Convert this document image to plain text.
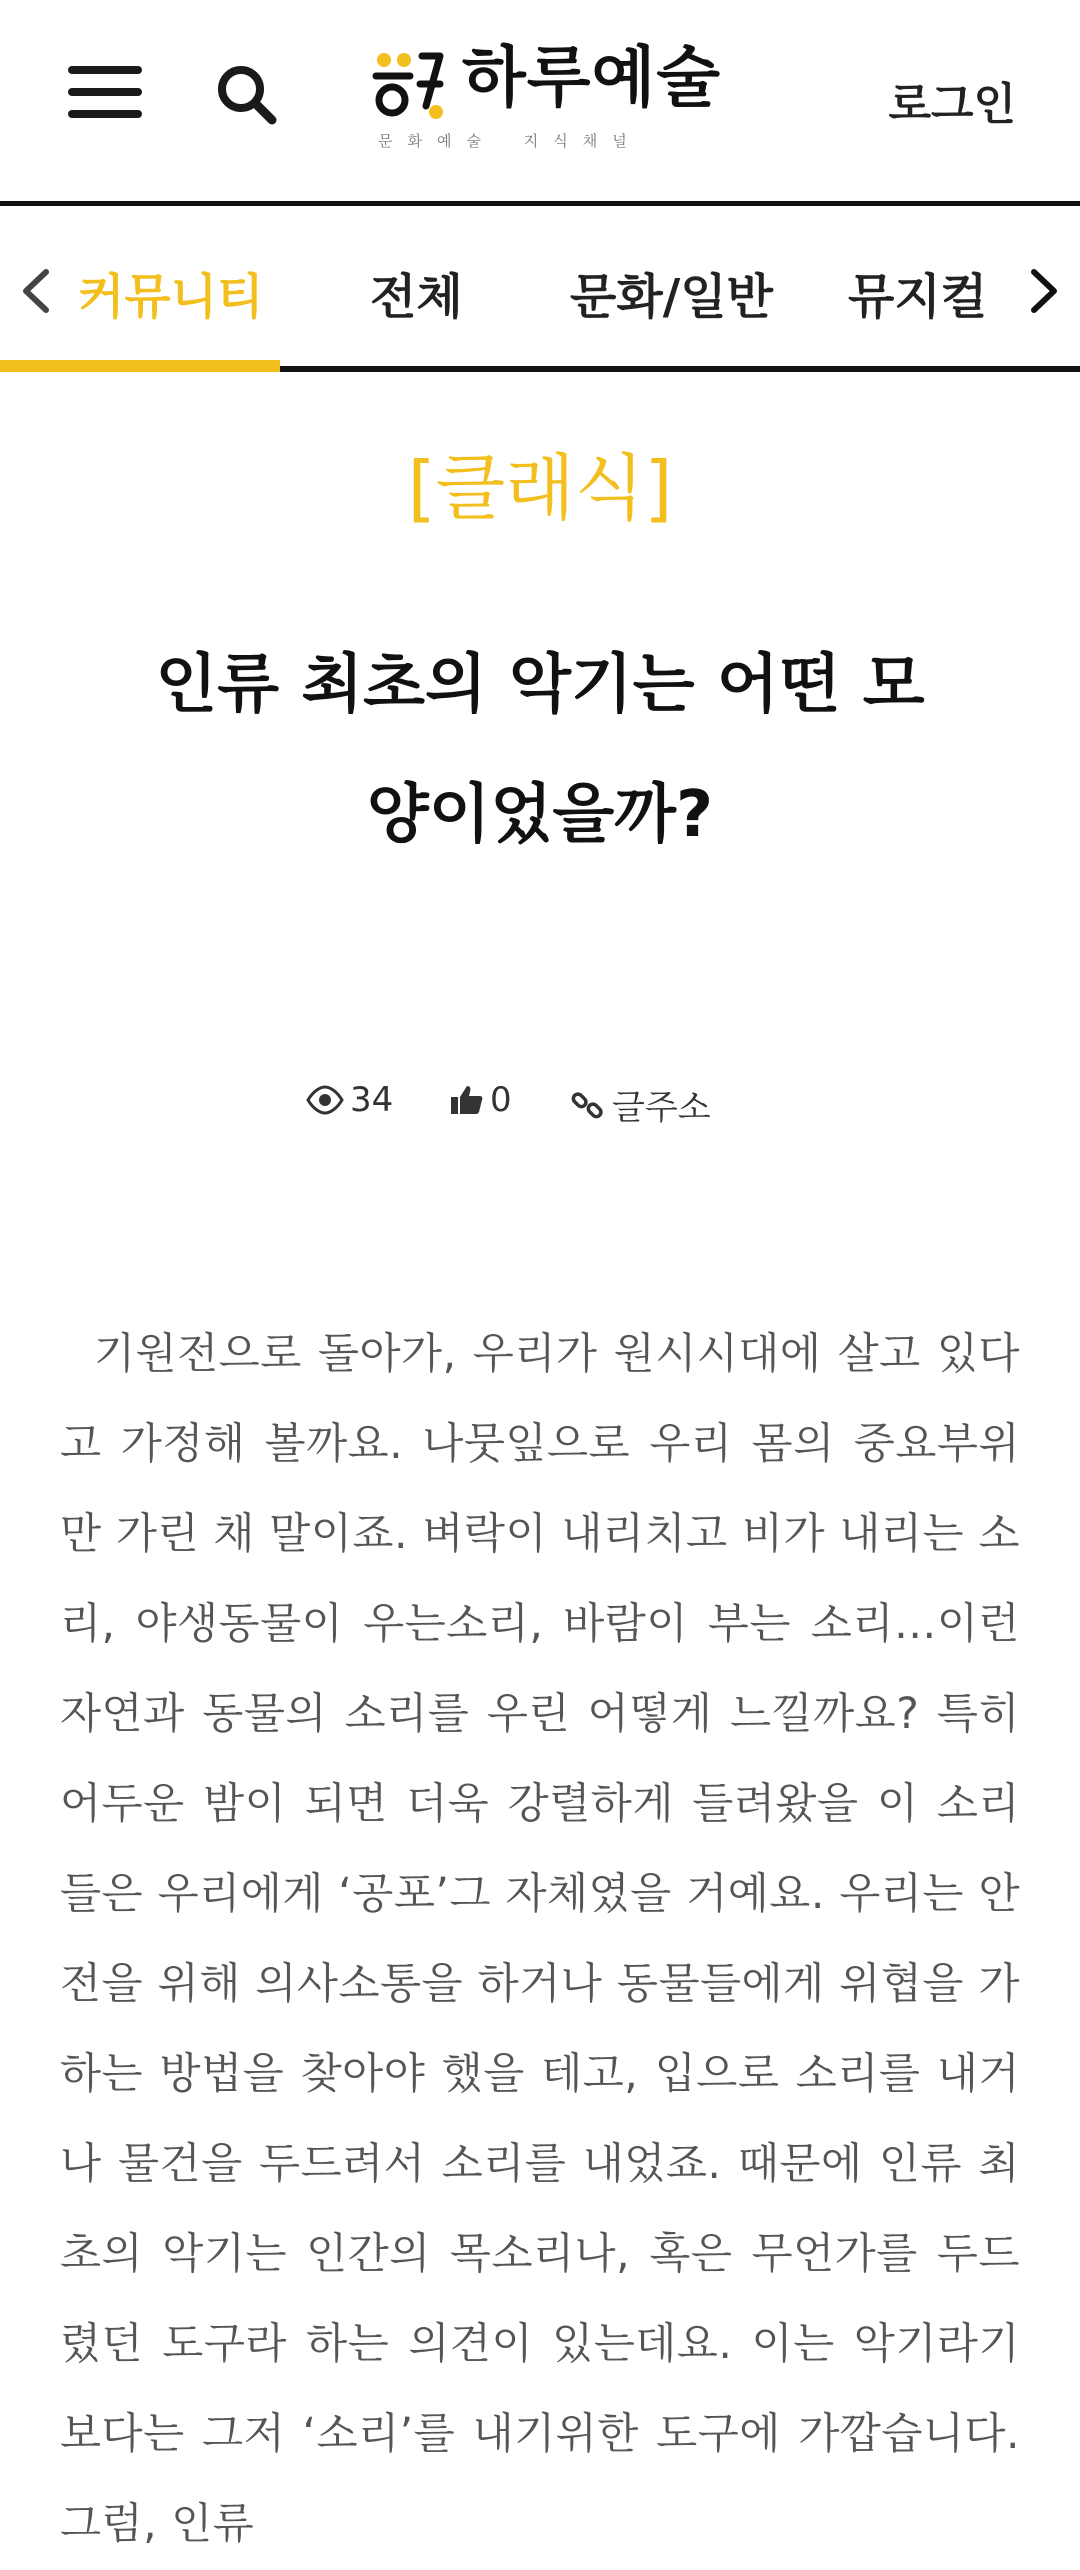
하루예술
문화예술 지식채널
로그인
커뮤니티 전체 문화/일반 뮤지컬
[클래식]
인류 최초의 악기는 어떤 모양이었을까?
34	0	글주소
기원전으로 돌아가, 우리가 원시시대에 살고 있다고 가정해 볼까요. 나뭇잎으로 우리 몸의 중요부위만 가린 채 말이죠. 벼락이 내리치고 비가 내리는 소리, 야생동물이 우는소리, 바람이 부는 소리…이런 자연과 동물의 소리를 우린 어떻게 느낄까요? 특히 어두운 밤이 되면 더욱 강렬하게 들려왔을 이 소리들은 우리에게 ‘공포’그 자체였을 거예요. 우리는 안전을 위해 의사소통을 하거나 동물들에게 위협을 가하는 방법을 찾아야 했을 테고, 입으로 소리를 내거나 물건을 두드려서 소리를 내었죠. 때문에 인류 최초의 악기는 인간의 목소리나, 혹은 무언가를 두드렸던 도구라 하는 의견이 있는데요. 이는 악기라기보다는 그저 ‘소리’를 내기위한 도구에 가깝습니다. 그럼, 인류
